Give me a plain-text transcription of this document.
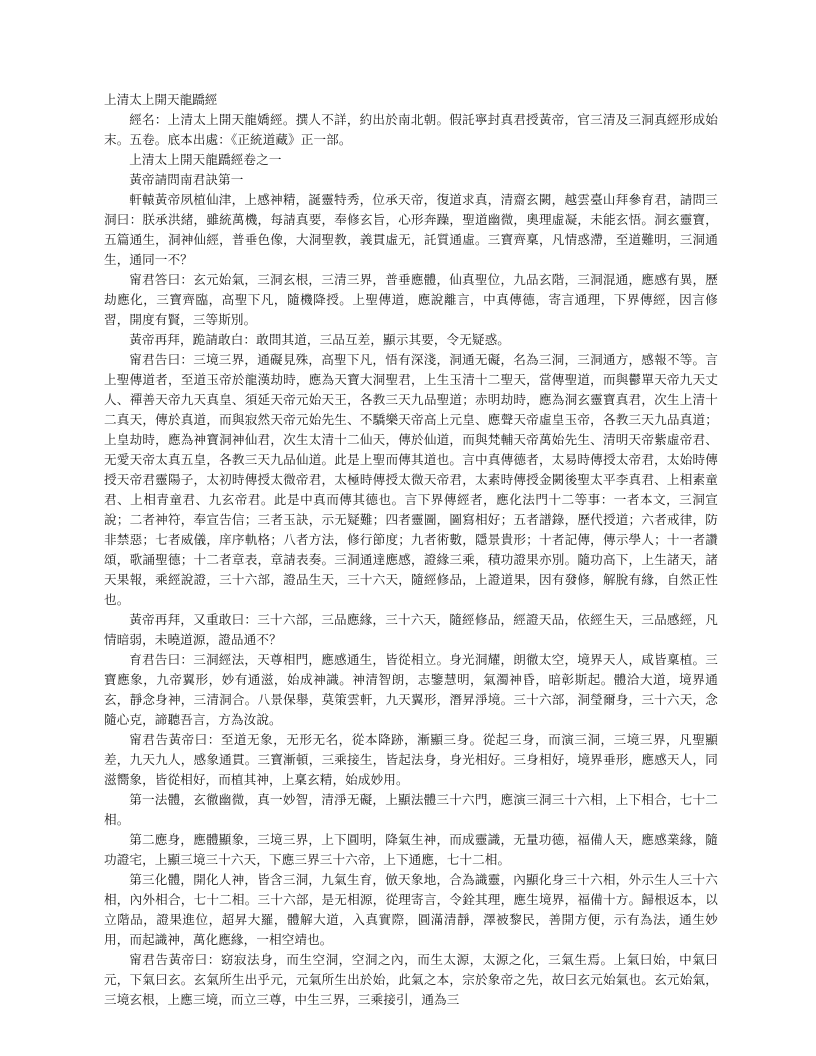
上清太上開天龍蹻經
經名：上清太上開天龍嬌經。撰人不詳，約出於南北朝。假託寧封真君授黃帝，官三清及三洞真經形成始末。五卷。底本出處：《正統道藏》正一部。
上清太上開天龍蹻經卷之一
黃帝請問南君訣第一
軒轅黃帝夙植仙津，上感神精，誕靈特秀，位承天帝，復道求真，清齋玄闕，越雲臺山拜參育君，請問三洞曰：朕承洪緒，雖統萬機，每請真要，奉修玄旨，心形奔躁，聖道幽微，奧理虛凝，未能玄悟。洞玄靈寶，五篇通生，洞神仙經，普垂色像，大洞聖教，義貫虛无，託質通虛。三寶齊稟，凡情惑滯，至道難明，三洞通生，通同一不？
甯君答曰：玄元始氣，三洞玄根，三清三界，普垂應體，仙真聖位，九品玄階，三洞混通，應感有異，歷劫應化，三寶齊臨，高聖下凡，隨機降授。上聖傳道，應說離言，中真傳德，寄言通理，下界傳經，因言修習，開度有賢，三等斯別。
黃帝再拜，跪請敢白：敢問其道，三品互差，顯示其要，令无疑惑。
甯君告曰：三境三界，通礙見殊，高聖下凡，悟有深淺，洞通无礙，名為三洞，三洞通方，感報不等。言上聖傳道者，至道玉帝於龍漢劫時，應為天寶大洞聖君，上生玉清十二聖天，當傳聖道，而與鬱單天帝九天丈人、禪善天帝九天真皇、須延天帝元始天王，各教三天九品聖道；赤明劫時，應為洞玄靈寶真君，次生上清十二真天，傳於真道，而與寂然天帝元始先生、不驕樂天帝高上元皇、應聲天帝虛皇玉帝，各教三天九品真道；上皇劫時，應為神寶洞神仙君，次生太清十二仙天，傳於仙道，而與梵輔天帝萬始先生、清明天帝紫虛帝君、无愛天帝太真五皇，各教三天九品仙道。此是上聖而傳其道也。言中真傳德者，太易時傳授太帝君，太始時傳授天帝君靈陽子，太初時傳授太微帝君，太極時傳授太微天帝君，太素時傳授金闕後聖太平李真君、上相素童君、上相青童君、九玄帝君。此是中真而傳其德也。言下界傳經者，應化法門十二等事：一者本文，三洞宣說；二者神符，奉宣告信；三者玉訣，示无疑難；四者靈圖，圖寫相好；五者譜錄，歷代授道；六者戒律，防非禁惡；七者威儀，庠序軌格；八者方法，修行節度；九者術數，隱景貴形；十者記傳，傳示學人；十一者讚頌，歌誦聖德；十二者章表，章請表奏。三洞通達應感，證緣三乘，積功證果亦別。隨功高下，上生諸天，諸天果報，乘經說證，三十六部，證品生天，三十六天，隨經修品，上證道果，因有發修，解脫有緣，自然正性也。
黃帝再拜，又重敢曰：三十六部，三品應緣，三十六天，隨經修品，經證天品，依經生天，三品感經，凡情暗弱，未曉道源，證品通不？
育君告曰：三洞經法，天尊相門，應感通生，皆從相立。身光洞耀，朗徹太空，境界天人，咸皆稟植。三寶應象，九帝翼形，妙有通滋，始成神識。神清智朗，志鑒慧明，氣濁神昏，暗彰斯起。體洽大道，境界通玄，靜念身神，三清洞合。八景保舉，莫策雲軒，九天翼形，潛昇淨境。三十六部，洞瑩爾身，三十六天，念隨心克，諦聽吾言，方為汝說。
甯君告黃帝曰：至道无象，无形无名，從本降跡，漸顯三身。從起三身，而演三洞，三境三界，凡聖顯差，九天九人，感象通貫。三寶漸頓，三乘接生，皆起法身，身光相好。三身相好，境界垂形，應感天人，同滋嚮象，皆從相好，而植其神，上稟玄精，始成妙用。
第一法體，玄徹幽微，真一妙智，清淨无礙，上顯法體三十六門，應演三洞三十六相，上下相合，七十二相。
第二應身，應體顯象，三境三界，上下圓明，降氣生神，而成靈識，无量功德，福備人天，應感業緣，隨功證宅，上顯三境三十六天，下應三界三十六帝，上下通應，七十二相。
第三化體，開化人神，皆含三洞，九氣生育，倣天象地，合為識靈，內顯化身三十六相，外示生人三十六相，內外相合，七十二相。三十六部，是无相源，從理寄言，令銓其理，應生境界，福備十方。歸根返本，以立階品，證果進位，超昇大羅，體解大道，入真實際，圓滿清靜，澤被黎民，善開方便，示有為法，通生妙用，而起識神，萬化應緣，一相空靖也。
甯君告黃帝曰：窈寂法身，而生空洞，空洞之內，而生太源，太源之化，三氣生焉。上氣曰始，中氣曰元，下氣曰玄。玄氣所生出乎元，元氣所生出於始，此氣之本，宗於象帝之先，故曰玄元始氣也。玄元始氣，三境玄根，上應三境，而立三尊，中生三界，三乘接引，通為三
